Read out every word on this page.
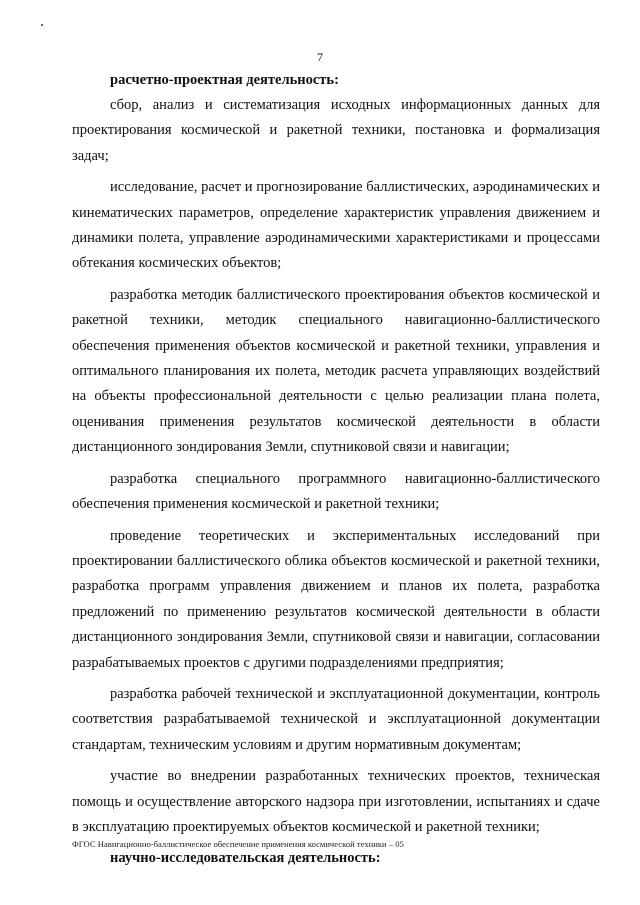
7

расчетно-проектная деятельность:

сбор, анализ и систематизация исходных информационных данных для проектирования космической и ракетной техники, постановка и формализация задач;

исследование, расчет и прогнозирование баллистических, аэродинамических и кинематических параметров, определение характеристик управления движением и динамики полета, управление аэродинамическими характеристиками и процессами обтекания космических объектов;

разработка методик баллистического проектирования объектов космической и ракетной техники, методик специального навигационно-баллистического обеспечения применения объектов космической и ракетной техники, управления и оптимального планирования их полета, методик расчета управляющих воздействий на объекты профессиональной деятельности с целью реализации плана полета, оценивания применения результатов космической деятельности в области дистанционного зондирования Земли, спутниковой связи и навигации;

разработка специального программного навигационно-баллистического обеспечения применения космической и ракетной техники;

проведение теоретических и экспериментальных исследований при проектировании баллистического облика объектов космической и ракетной техники, разработка программ управления движением и планов их полета, разработка предложений по применению результатов космической деятельности в области дистанционного зондирования Земли, спутниковой связи и навигации, согласовании разрабатываемых проектов с другими подразделениями предприятия;

разработка рабочей технической и эксплуатационной документации, контроль соответствия разрабатываемой технической и эксплуатационной документации стандартам, техническим условиям и другим нормативным документам;

участие во внедрении разработанных технических проектов, техническая помощь и осуществление авторского надзора при изготовлении, испытаниях и сдаче в эксплуатацию проектируемых объектов космической и ракетной техники;

научно-исследовательская деятельность:

ФГОС Навигационно-баллистическое обеспечение применения космической техники – 05
